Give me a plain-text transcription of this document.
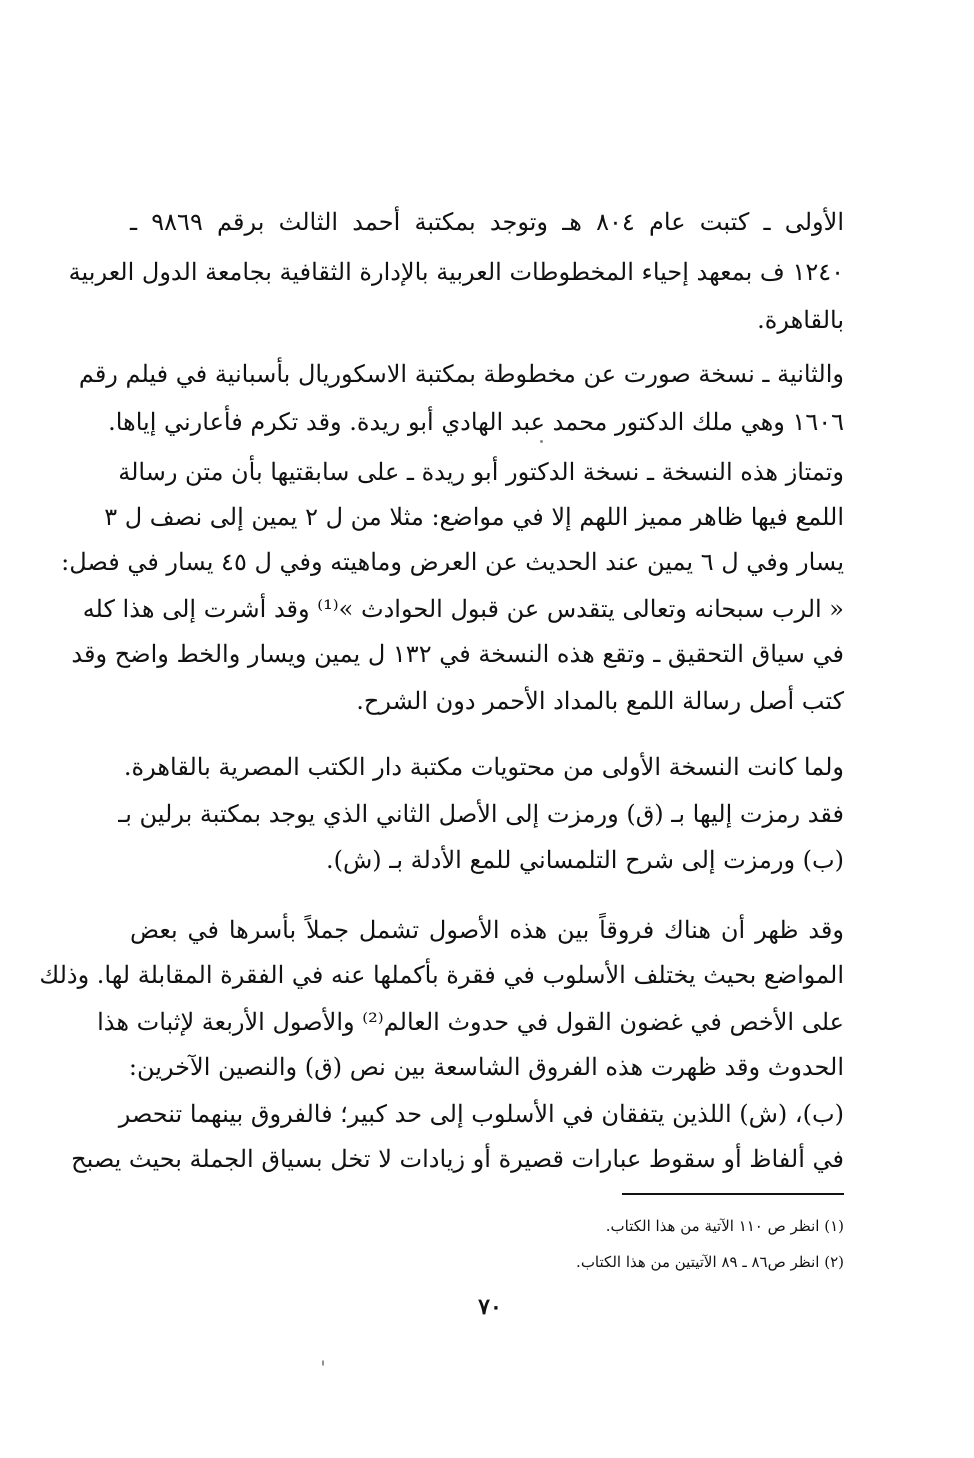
الأولى ـ كتبت عام ٨٠٤ هـ وتوجد بمكتبة أحمد الثالث برقم ٩٨٦٩ ـ
١٢٤٠ ف بمعهد إحياء المخطوطات العربية بالإدارة الثقافية بجامعة الدول العربية
بالقاهرة.
والثانية ـ نسخة صورت عن مخطوطة بمكتبة الاسكوريال بأسبانية في فيلم رقم
١٦٠٦ وهي ملك الدكتور محمد عبد الهادي أبو ريدة. وقد تكرم فأعارني إياها.
وتمتاز هذه النسخة ـ نسخة الدكتور أبو ريدة ـ على سابقتيها بأن متن رسالة
اللمع فيها ظاهر مميز اللهم إلا في مواضع: مثلا من ل ٢ يمين إلى نصف ل ٣
يسار وفي ل ٦ يمين عند الحديث عن العرض وماهيته وفي ل ٤٥ يسار في فصل:
« الرب سبحانه وتعالى يتقدس عن قبول الحوادث »⁽¹⁾ وقد أشرت إلى هذا كله
في سياق التحقيق ـ وتقع هذه النسخة في ١٣٢ ل يمين ويسار والخط واضح وقد
كتب أصل رسالة اللمع بالمداد الأحمر دون الشرح.
ولما كانت النسخة الأولى من محتويات مكتبة دار الكتب المصرية بالقاهرة.
فقد رمزت إليها بـ (ق) ورمزت إلى الأصل الثاني الذي يوجد بمكتبة برلين بـ
(ب) ورمزت إلى شرح التلمساني للمع الأدلة بـ (ش).
وقد ظهر أن هناك فروقاً بين هذه الأصول تشمل جملاً بأسرها في بعض
المواضع بحيث يختلف الأسلوب في فقرة بأكملها عنه في الفقرة المقابلة لها. وذلك
على الأخص في غضون القول في حدوث العالم⁽²⁾ والأصول الأربعة لإثبات هذا
الحدوث وقد ظهرت هذه الفروق الشاسعة بين نص (ق) والنصين الآخرين:
(ب)، (ش) اللذين يتفقان في الأسلوب إلى حد كبير؛ فالفروق بينهما تنحصر
في ألفاظ أو سقوط عبارات قصيرة أو زيادات لا تخل بسياق الجملة بحيث يصبح
(١) انظر ص ١١٠ الآتية من هذا الكتاب.
(٢) انظر ص٨٦ ـ ٨٩ الآتيتين من هذا الكتاب.
٧٠
